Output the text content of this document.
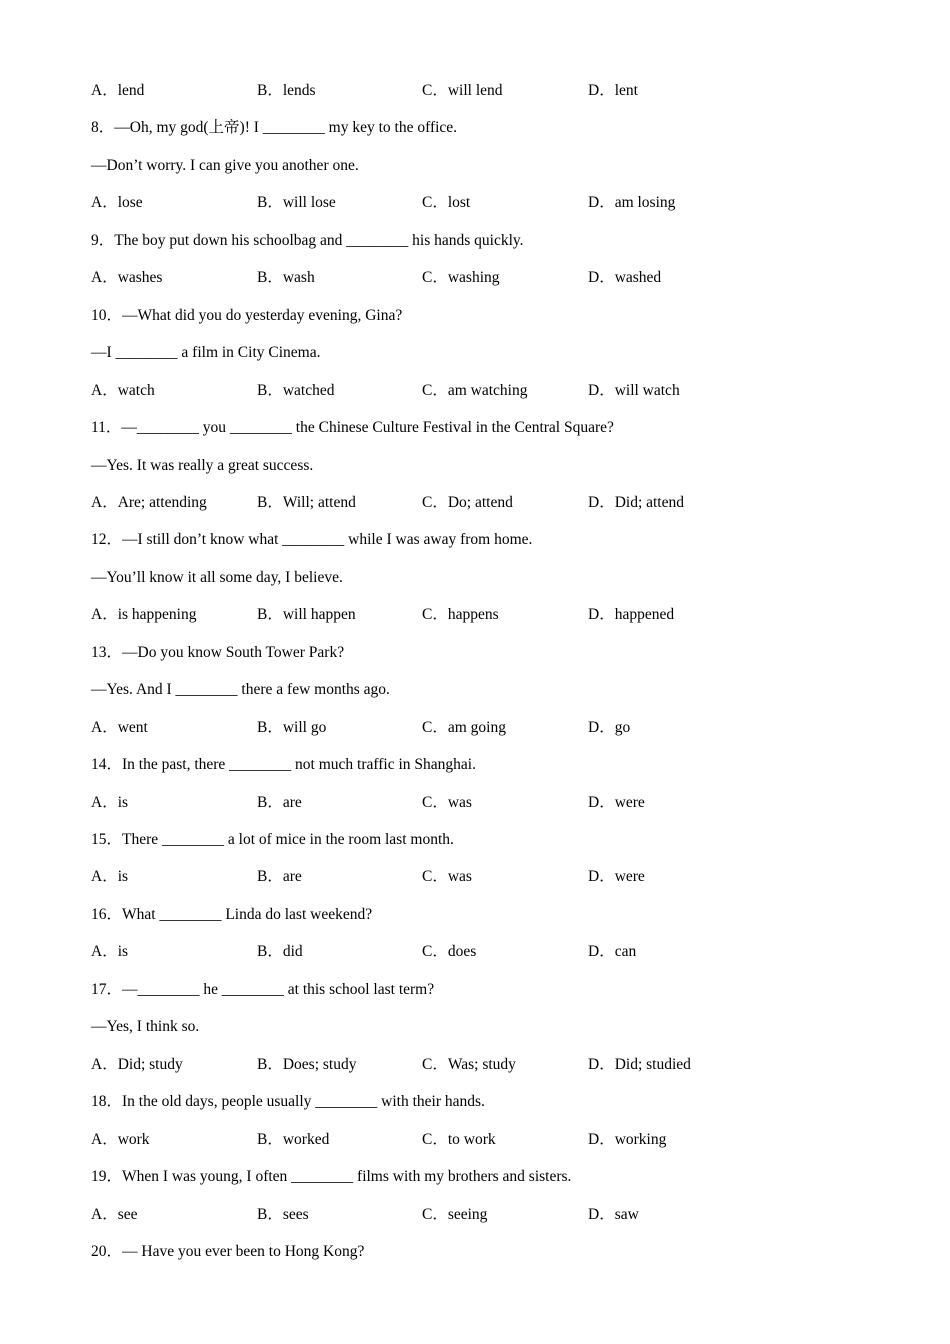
A．lend	B．lends	C．will lend	D．lent
8．—Oh, my god(上帝)! I ________ my key to the office.
—Don’t worry. I can give you another one.
A．lose	B．will lose	C．lost	D．am losing
9．The boy put down his schoolbag and ________ his hands quickly.
A．washes	B．wash	C．washing	D．washed
10．—What did you do yesterday evening, Gina?
—I ________ a film in City Cinema.
A．watch	B．watched	C．am watching	D．will watch
11．—________ you ________ the Chinese Culture Festival in the Central Square?
—Yes. It was really a great success.
A．Are; attending	B．Will; attend	C．Do; attend	D．Did; attend
12．—I still don’t know what ________ while I was away from home.
—You’ll know it all some day, I believe.
A．is happening	B．will happen	C．happens	D．happened
13．—Do you know South Tower Park?
—Yes. And I ________ there a few months ago.
A．went	B．will go	C．am going	D．go
14．In the past, there ________ not much traffic in Shanghai.
A．is	B．are	C．was	D．were
15．There ________ a lot of mice in the room last month.
A．is	B．are	C．was	D．were
16．What ________ Linda do last weekend?
A．is	B．did	C．does	D．can
17．—________ he ________ at this school last term?
—Yes, I think so.
A．Did; study	B．Does; study	C．Was; study	D．Did; studied
18．In the old days, people usually ________ with their hands.
A．work	B．worked	C．to work	D．working
19．When I was young, I often ________ films with my brothers and sisters.
A．see	B．sees	C．seeing	D．saw
20．— Have you ever been to Hong Kong?
